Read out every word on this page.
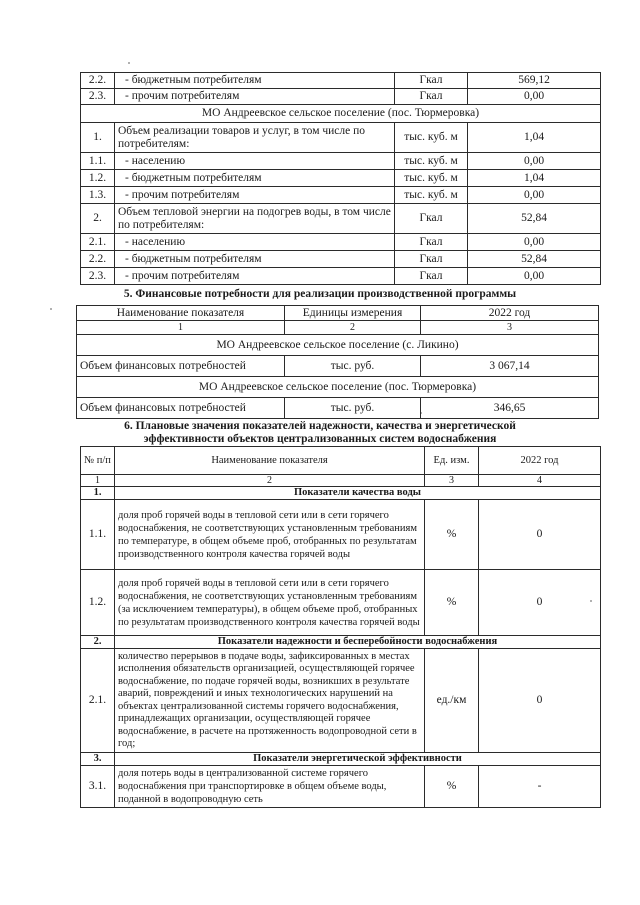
2.2.	- бюджетным потребителям	Гкал	569,12
2.3.	- прочим потребителям	Гкал	0,00
МО Андреевское сельское поселение (пос. Тюрмеровка)			
1.	Объем реализации товаров и услуг, в том числе по потребителям:	тыс. куб. м	1,04
1.1.	- населению	тыс. куб. м	0,00
1.2.	- бюджетным потребителям	тыс. куб. м	1,04
1.3.	- прочим потребителям	тыс. куб. м	0,00
2.	Объем тепловой энергии на подогрев воды, в том числе по потребителям:	Гкал	52,84
2.1.	- населению	Гкал	0,00
2.2.	- бюджетным потребителям	Гкал	52,84
2.3.	- прочим потребителям	Гкал	0,00
5. Финансовые потребности для реализации производственной программы
Наименование показателя	Единицы измерения	2022 год
1	2	3
МО Андреевское сельское поселение (с. Ликино)		
Объем финансовых потребностей	тыс. руб.	3 067,14
МО Андреевское сельское поселение (пос. Тюрмеровка)		
Объем финансовых потребностей	тыс. руб.	346,65
6. Плановые значения показателей надежности, качества и энергетической
эффективности объектов централизованных систем водоснабжения
№ п/п	Наименование показателя	Ед. изм.	2022 год
1	2	3	4
1.	Показатели качества воды		
1.1.	доля проб горячей воды в тепловой сети или в сети горячего водоснабжения, не соответствующих установленным требованиям по температуре, в общем объеме проб, отобранных по результатам производственного контроля качества горячей воды	%	0
1.2.	доля проб горячей воды в тепловой сети или в сети горячего водоснабжения, не соответствующих установленным требованиям (за исключением температуры), в общем объеме проб, отобранных по результатам производственного контроля качества горячей воды	%	0
2.	Показатели надежности и бесперебойности водоснабжения		
2.1.	количество перерывов в подаче воды, зафиксированных в местах исполнения обязательств организацией, осуществляющей горячее водоснабжение, по подаче горячей воды, возникших в результате аварий, повреждений и иных технологических нарушений на объектах централизованной системы горячего водоснабжения, принадлежащих организации, осуществляющей горячее водоснабжение, в расчете на протяженность водопроводной сети в год;	ед./км	0
3.	Показатели энергетической эффективности		
3.1.	доля потерь воды в централизованной системе горячего водоснабжения при транспортировке в общем объеме воды, поданной в водопроводную сеть	%	-
